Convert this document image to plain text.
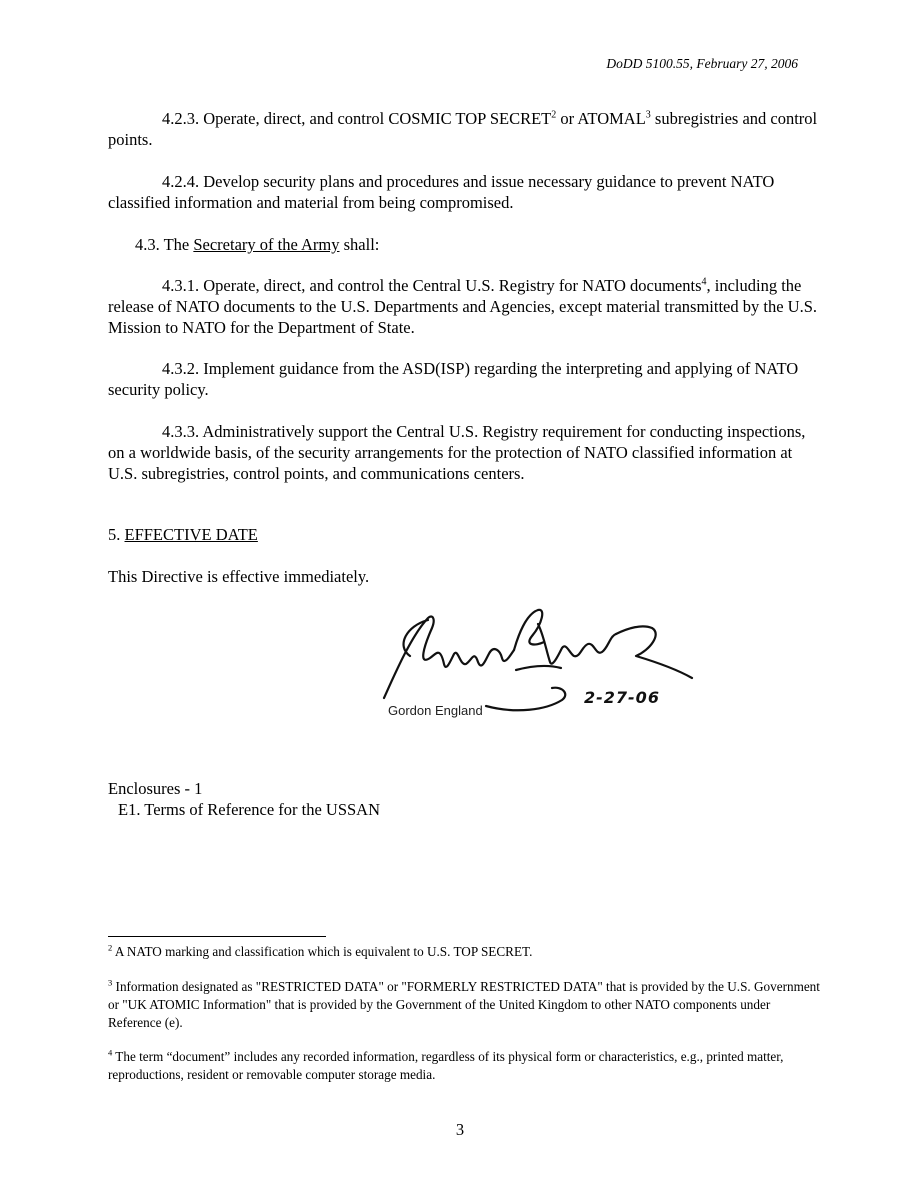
DoDD 5100.55, February 27, 2006
4.2.3. Operate, direct, and control COSMIC TOP SECRET$^2$ or ATOMAL$^3$ subregistries and control points.
4.2.4. Develop security plans and procedures and issue necessary guidance to prevent NATO classified information and material from being compromised.
4.3. The Secretary of the Army shall:
4.3.1. Operate, direct, and control the Central U.S. Registry for NATO documents$^4$, including the release of NATO documents to the U.S. Departments and Agencies, except material transmitted by the U.S. Mission to NATO for the Department of State.
4.3.2. Implement guidance from the ASD(ISP) regarding the interpreting and applying of NATO security policy.
4.3.3. Administratively support the Central U.S. Registry requirement for conducting inspections, on a worldwide basis, of the security arrangements for the protection of NATO classified information at U.S. subregistries, control points, and communications centers.
5. EFFECTIVE DATE
This Directive is effective immediately.
2-27-06
Gordon England
Enclosures - 1
E1. Terms of Reference for the USSAN
$^2$ A NATO marking and classification which is equivalent to U.S. TOP SECRET.
$^3$ Information designated as "RESTRICTED DATA" or "FORMERLY RESTRICTED DATA" that is provided by the U.S. Government or "UK ATOMIC Information" that is provided by the Government of the United Kingdom to other NATO components under Reference (e).
$^4$ The term “document” includes any recorded information, regardless of its physical form or characteristics, e.g., printed matter, reproductions, resident or removable computer storage media.
3
